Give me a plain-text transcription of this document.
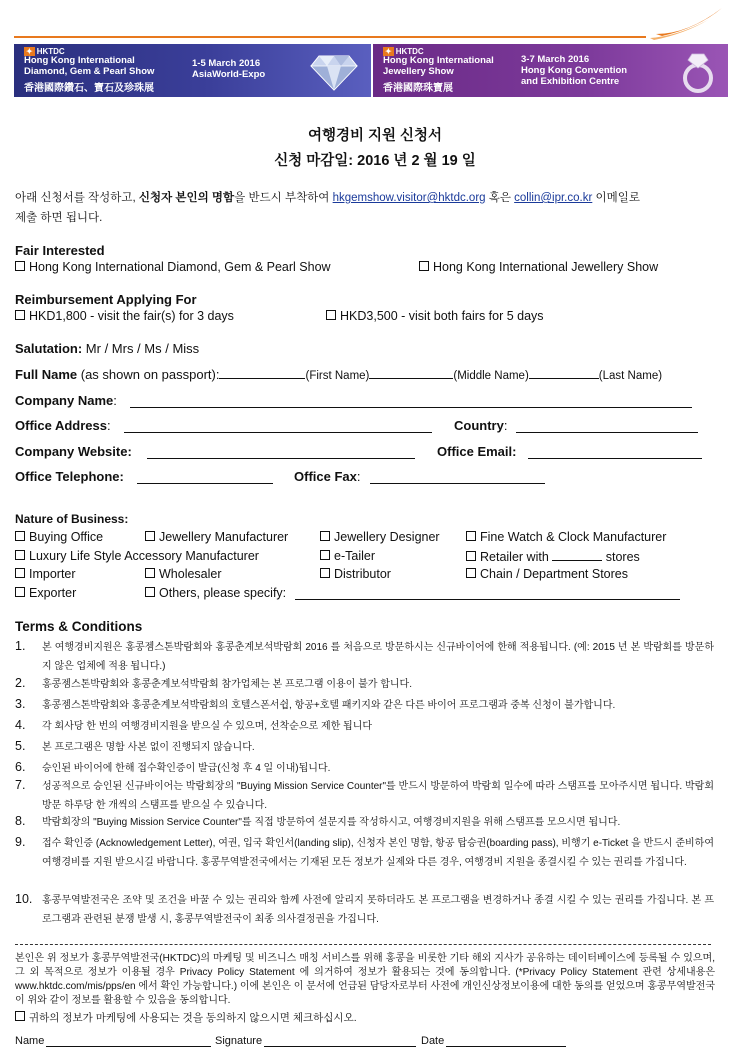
✦ HKTDC
Hong Kong International
Diamond, Gem & Pearl Show
香港國際鑽石、寶石及珍珠展
1-5 March 2016
AsiaWorld-Expo
✦ HKTDC
Hong Kong International
Jewellery Show
香港國際珠寶展
3-7 March 2016
Hong Kong Convention
and Exhibition Centre
여행경비 지원 신청서
신청 마감일: 2016 년 2 월 19 일
아래 신청서를 작성하고, 신청자 본인의 명함을 반드시 부착하여 hkgemshow.visitor@hktdc.org 혹은 collin@ipr.co.kr 이메일로
제출 하면 됩니다.
Fair Interested
Hong Kong International Diamond, Gem & Pearl Show	Hong Kong International Jewellery Show
Reimbursement Applying For
HKD1,800 - visit the fair(s) for 3 days	HKD3,500 - visit both fairs for 5 days
Salutation: Mr / Mrs / Ms / Miss
Full Name (as shown on passport):	(First Name)	(Middle Name)	(Last Name)
Company Name:
Office Address:	Country:
Company Website:	Office Email:
Office Telephone:	Office Fax:
Nature of Business:
Buying Office	Jewellery Manufacturer	Jewellery Designer	Fine Watch & Clock Manufacturer
Luxury Life Style Accessory Manufacturer	e-Tailer	Retailer with	stores
Importer	Wholesaler	Distributor	Chain / Department Stores
Exporter	Others, please specify:
Terms & Conditions
1. 본 여행경비지원은 홍콩젬스톤박람회와 홍콩춘계보석박람회 2016 를 처음으로 방문하시는 신규바이어에 한해 적용됩니다. (예: 2015 년 본 박람회를 방문하지 않은 업체에 적용 됩니다.)
2. 홍콩젬스톤박람회와 홍콩춘계보석박람회 참가업체는 본 프로그램 이용이 불가 합니다.
3. 홍콩젬스톤박람회와 홍콩춘계보석박람회의 호텔스폰서쉽, 항공+호텔 패키지와 같은 다른 바이어 프로그램과 중복 신청이 불가합니다.
4. 각 회사당 한 번의 여행경비지원을 받으실 수 있으며, 선착순으로 제한 됩니다
5. 본 프로그램은 명함 사본 없이 진행되지 않습니다.
6. 승인된 바이어에 한해 접수확인증이 발급(신청 후 4 일 이내)됩니다.
7. 성공적으로 승인된 신규바이어는 박람회장의 "Buying Mission Service Counter"를 반드시 방문하여 박람회 일수에 따라 스탬프를 모아주시면 됩니다. 박람회 방문 하루당 한 개씩의 스탬프를 받으실 수 있습니다.
8. 박람회장의 "Buying Mission Service Counter"를 직접 방문하여 설문지를 작성하시고, 여행경비지원을 위해 스탬프를 모으시면 됩니다.
9. 접수 확인증 (Acknowledgement Letter), 여권, 입국 확인서(landing slip), 신청자 본인 명함, 항공 탑승권(boarding pass), 비행기 e-Ticket 을 반드시 준비하여 여행경비를 지원 받으시길 바랍니다. 홍콩무역발전국에서는 기재된 모든 정보가 실제와 다른 경우, 여행경비 지원을 종결시킬 수 있는 권리를 가집니다.
10. 홍콩무역발전국은 조약 및 조건을 바꿀 수 있는 권리와 함께 사전에 알리지 못하더라도 본 프로그램을 변경하거나 종결 시킬 수 있는 권리를 가집니다. 본 프로그램과 관련된 분쟁 발생 시, 홍콩무역발전국이 최종 의사결정권을 가집니다.
본인은 위 정보가 홍콩무역발전국(HKTDC)의 마케팅 및 비즈니스 매칭 서비스를 위해 홍콩을 비롯한 기타 해외 지사가 공유하는 데이터베이스에 등록될 수 있으며, 그 외 목적으로 정보가 이용될 경우 Privacy Policy Statement 에 의거하여 정보가 활용되는 것에 동의합니다. (*Privacy Policy Statement 관련 상세내용은 www.hktdc.com/mis/pps/en 에서 확인 가능합니다.) 이에 본인은 이 문서에 언급된 담당자로부터 사전에 개인신상정보이용에 대한 동의를 얻었으며 홍콩무역발전국이 위와 같이 정보를 활용할 수 있음을 동의합니다.
귀하의 정보가 마케팅에 사용되는 것을 동의하지 않으시면 체크하십시오.
Name	Signature	Date
